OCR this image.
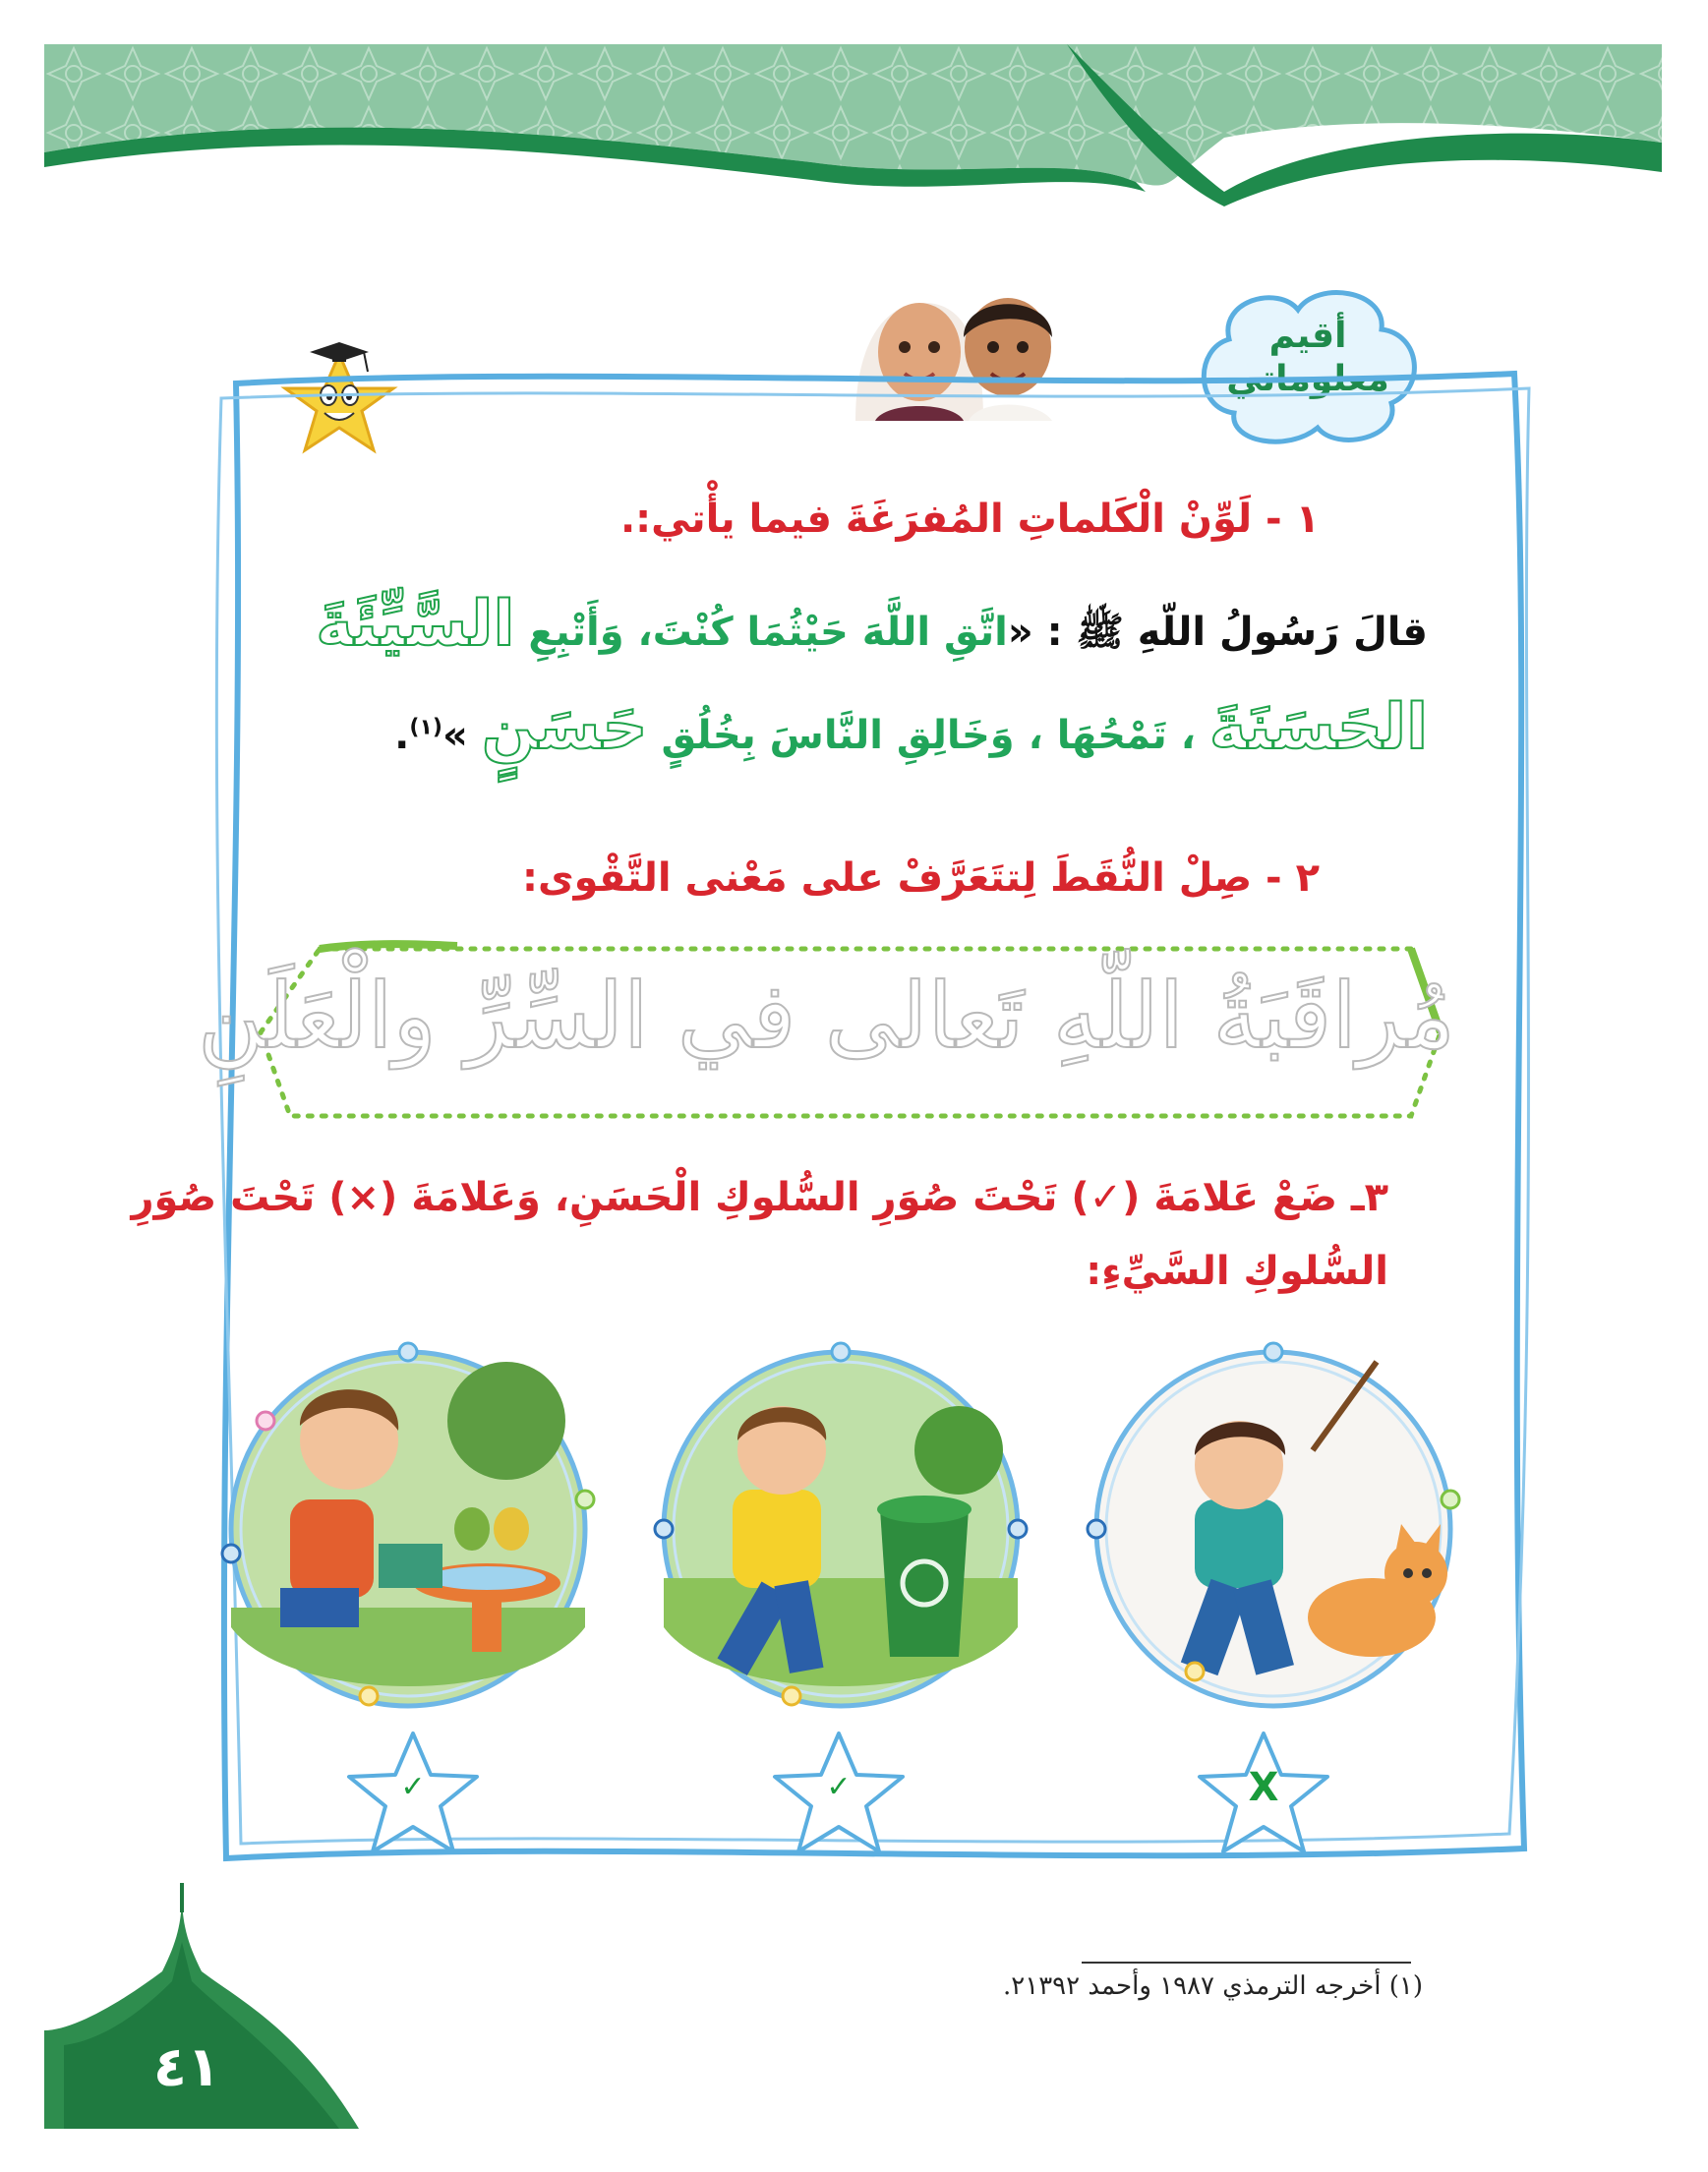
أقيم
معلوماتي
١ - لَوِّنْ الْكَلماتِ المُفرَغَةَ فيما يأْتي:.
قالَ رَسُولُ اللّهِ ﷺ : «اتَّقِ اللَّهَ حَيْثُمَا كُنْتَ، وَأَتْبِعِ السَّيِّئَةَ
الحَسَنَةَ ، تَمْحُهَا ، وَخَالِقِ النَّاسَ بِخُلُقٍ حَسَنٍ »$^{(١)}$.
٢ - صِلْ النُّقَطَ لِتتَعَرَّفْ على مَعْنى التَّقْوى:
مُراقَبَةُ اللّهِ تَعالى في السِّرِّ والْعَلَنِ
٣ـ ضَعْ عَلامَةَ (✓) تَحْتَ صُوَرِ السُّلوكِ الْحَسَنِ، وَعَلامَةَ (×) تَحْتَ صُوَرِ
السُّلوكِ السَّيِّءِ:
X
✓
✓
(١) أخرجه الترمذي ١٩٨٧ وأحمد ٢١٣٩٢.
٤١
